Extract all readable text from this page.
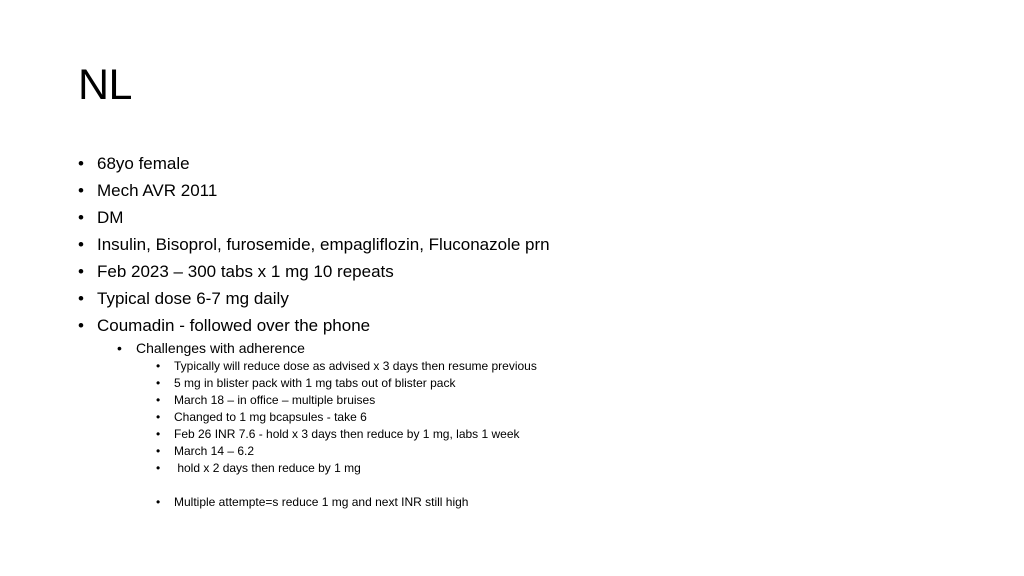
NL
• 68yo female
• Mech AVR 2011
• DM
• Insulin, Bisoprol, furosemide, empagliflozin, Fluconazole prn
• Feb 2023 – 300 tabs x 1 mg 10 repeats
• Typical dose 6-7 mg daily
• Coumadin - followed over the phone
• Challenges with adherence
• Typically will reduce dose as advised x 3 days then resume previous
• 5 mg in blister pack with 1 mg tabs out of blister pack
• March 18 – in office – multiple bruises
• Changed to 1 mg bcapsules - take 6
• Feb 26 INR 7.6 - hold x 3 days then reduce by 1 mg, labs 1 week
• March 14 – 6.2
• hold x 2 days then reduce by 1 mg
• Multiple attempte=s reduce 1 mg and next INR still high
